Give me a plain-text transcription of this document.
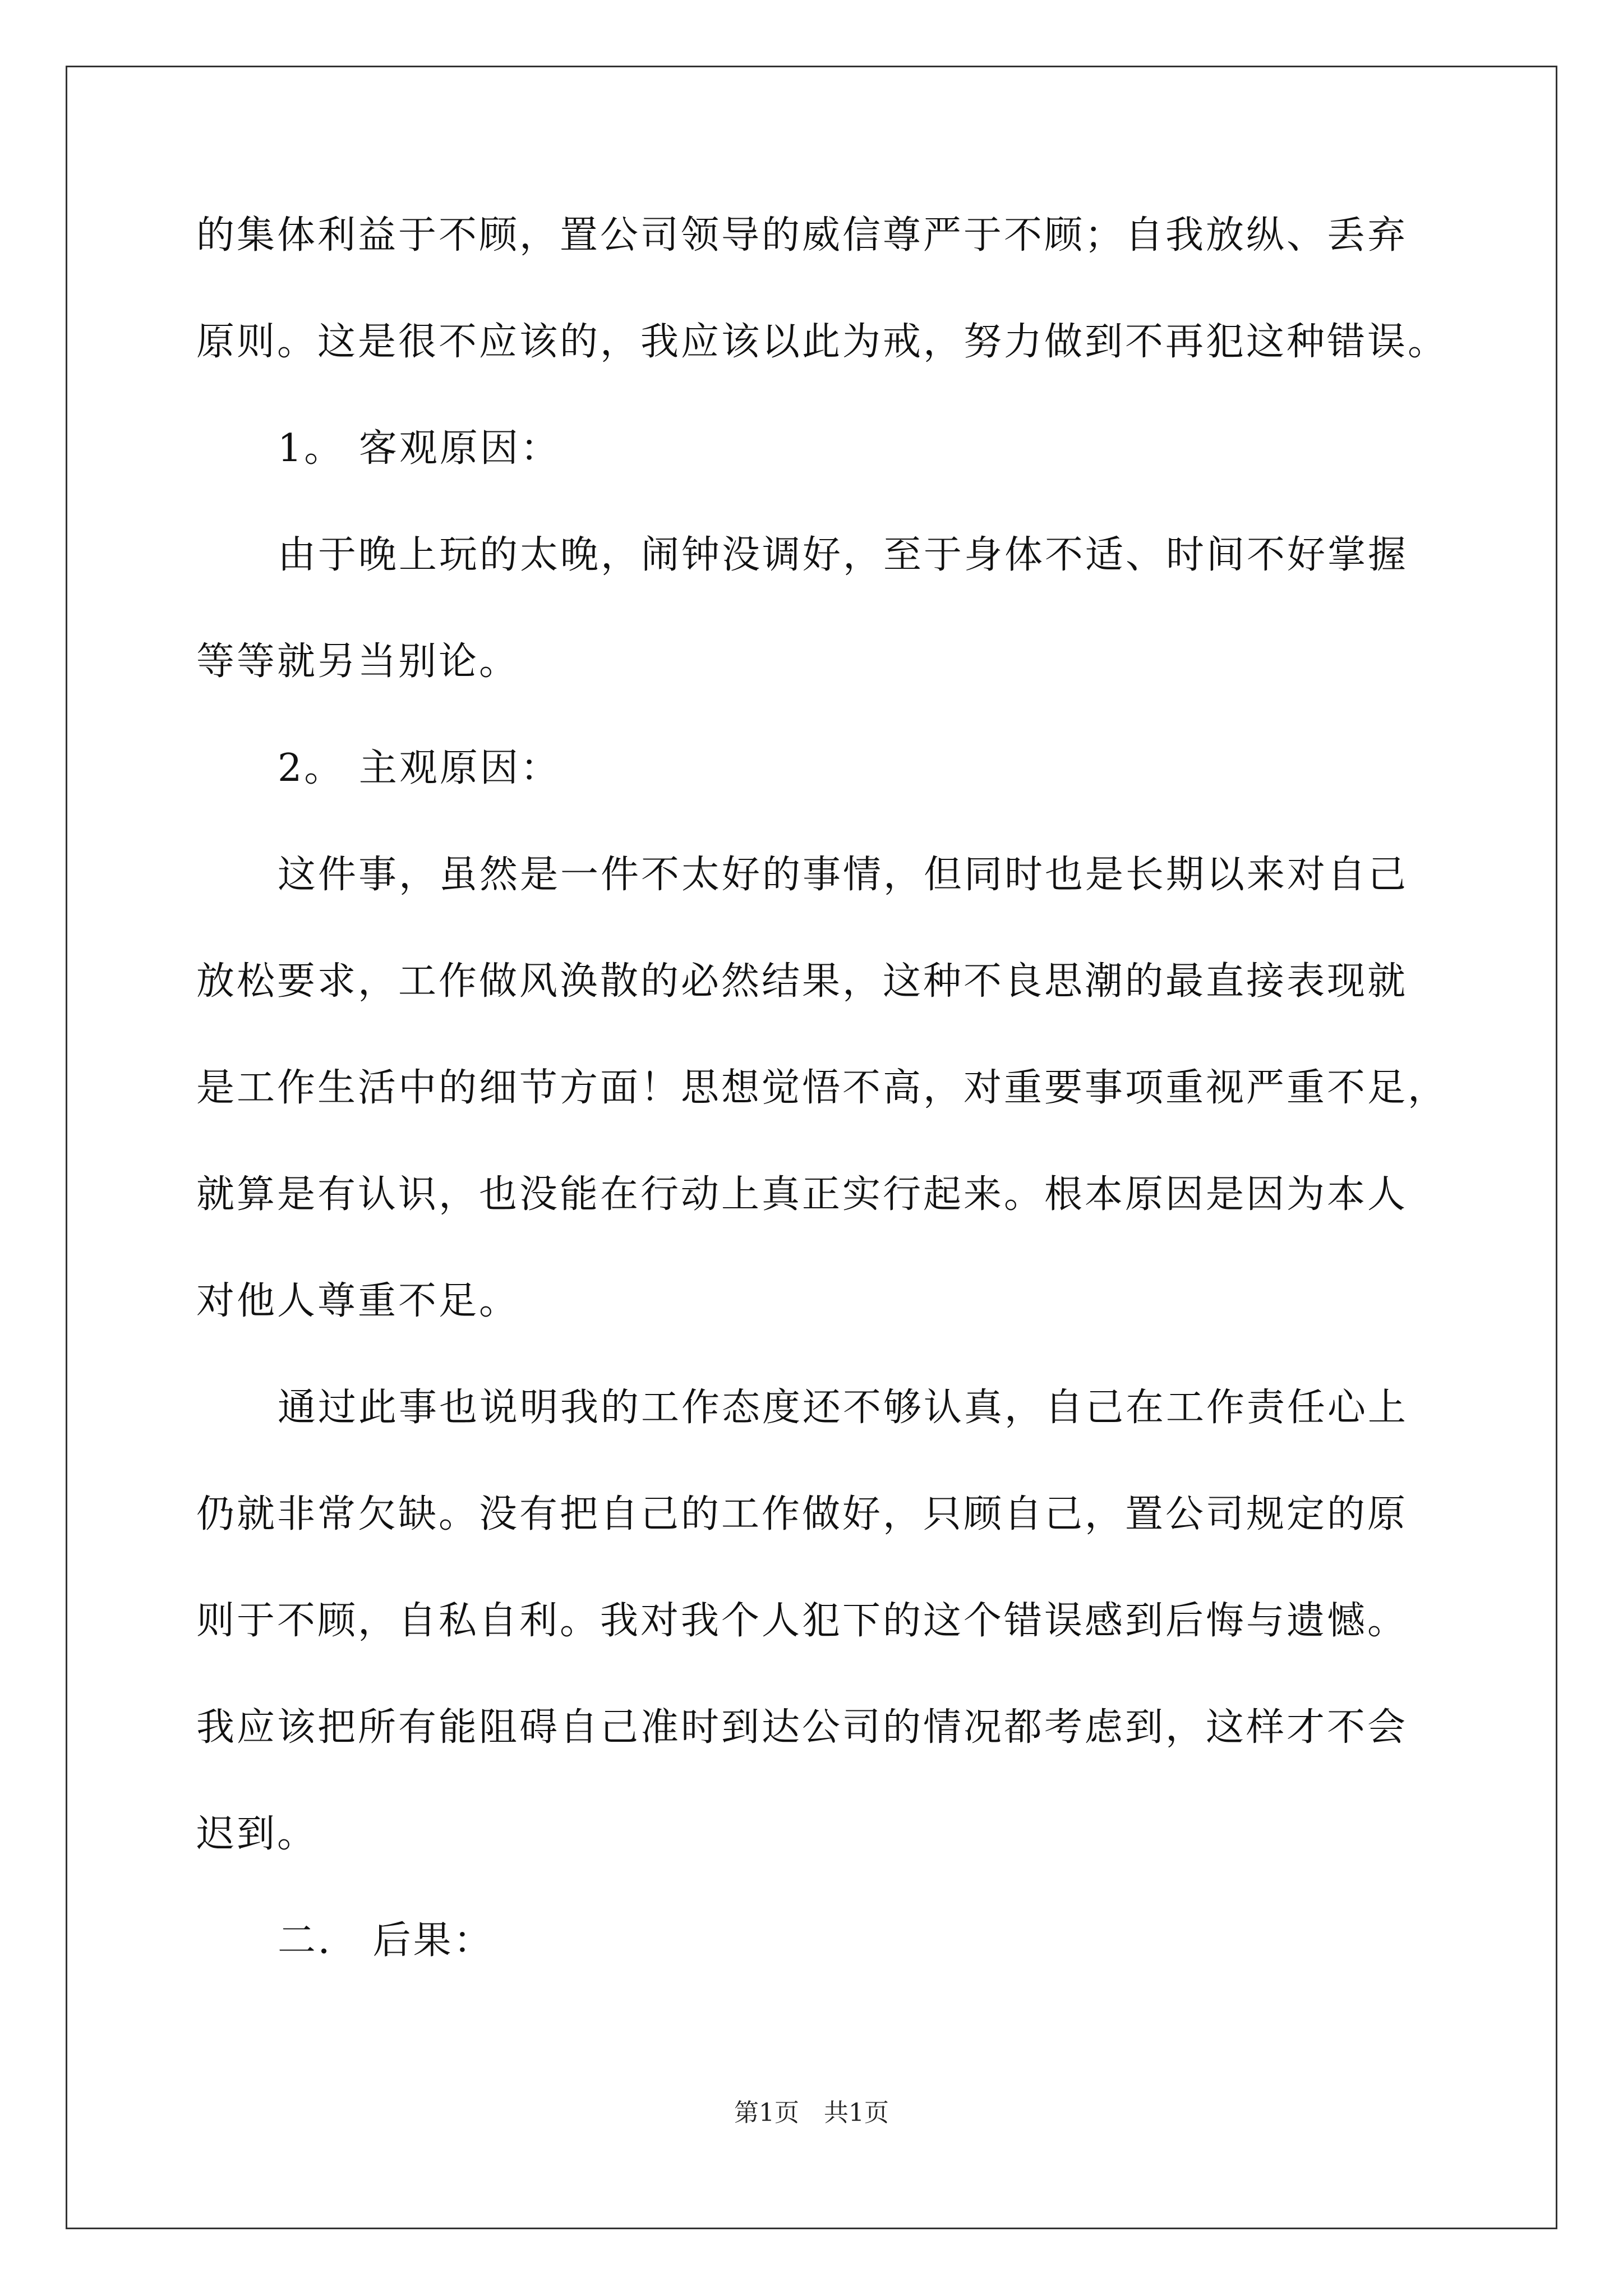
的集体利益于不顾，置公司领导的威信尊严于不顾；自我放纵、丢弃
原则。这是很不应该的，我应该以此为戒，努力做到不再犯这种错误。
1。 客观原因：
由于晚上玩的太晚，闹钟没调好，至于身体不适、时间不好掌握
等等就另当别论。
2。 主观原因：
这件事，虽然是一件不太好的事情，但同时也是长期以来对自己
放松要求，工作做风涣散的必然结果，这种不良思潮的最直接表现就
是工作生活中的细节方面！思想觉悟不高，对重要事项重视严重不足，
就算是有认识，也没能在行动上真正实行起来。根本原因是因为本人
对他人尊重不足。
通过此事也说明我的工作态度还不够认真，自己在工作责任心上
仍就非常欠缺。没有把自己的工作做好，只顾自己，置公司规定的原
则于不顾，自私自利。我对我个人犯下的这个错误感到后悔与遗憾。
我应该把所有能阻碍自己准时到达公司的情况都考虑到，这样才不会
迟到。
二． 后果：
第1页　共1页
